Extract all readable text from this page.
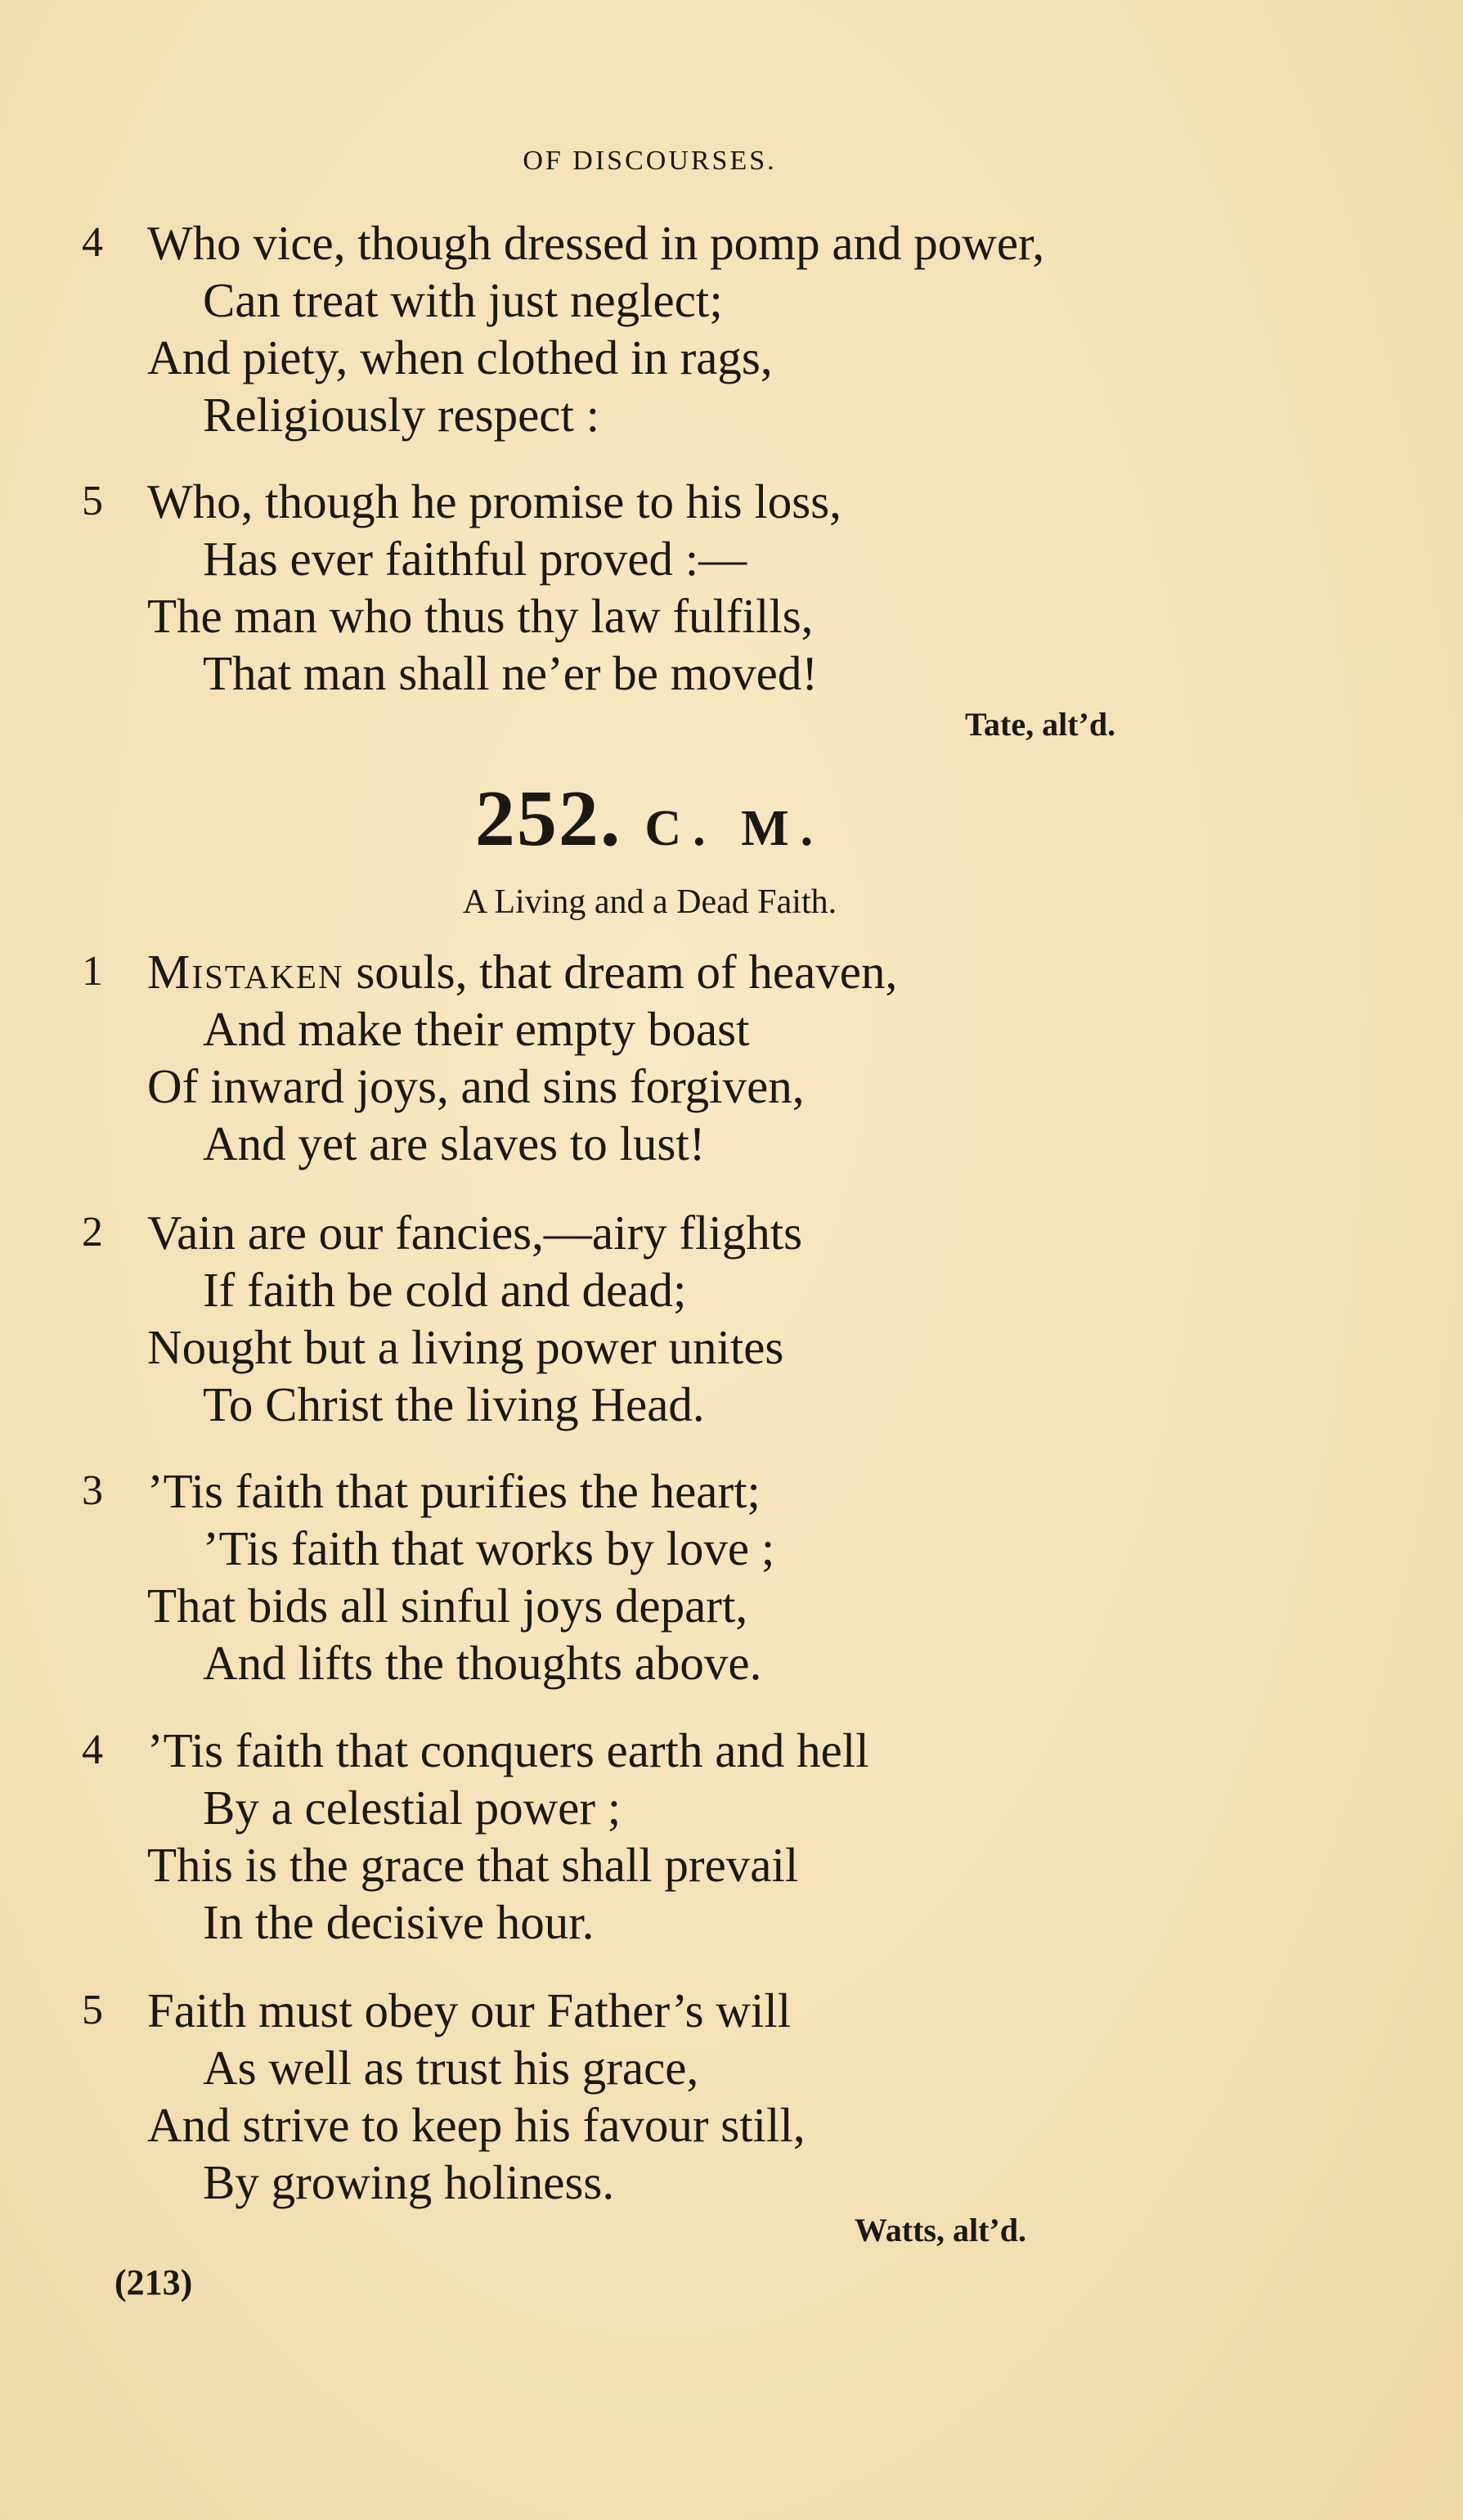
OF DISCOURSES.
4 Who vice, though dressed in pomp and power,
Can treat with just neglect;
And piety, when clothed in rags,
Religiously respect :
5 Who, though he promise to his loss,
Has ever faithful proved :—
The man who thus thy law fulfills,
That man shall ne’er be moved!
Tate, alt’d.
252. C. M.
A Living and a Dead Faith.
1 Mistaken souls, that dream of heaven,
And make their empty boast
Of inward joys, and sins forgiven,
And yet are slaves to lust!
2 Vain are our fancies,—airy flights
If faith be cold and dead;
Nought but a living power unites
To Christ the living Head.
3 ’Tis faith that purifies the heart;
’Tis faith that works by love ;
That bids all sinful joys depart,
And lifts the thoughts above.
4 ’Tis faith that conquers earth and hell
By a celestial power ;
This is the grace that shall prevail
In the decisive hour.
5 Faith must obey our Father’s will
As well as trust his grace,
And strive to keep his favour still,
By growing holiness.
Watts, alt’d.
(213)
